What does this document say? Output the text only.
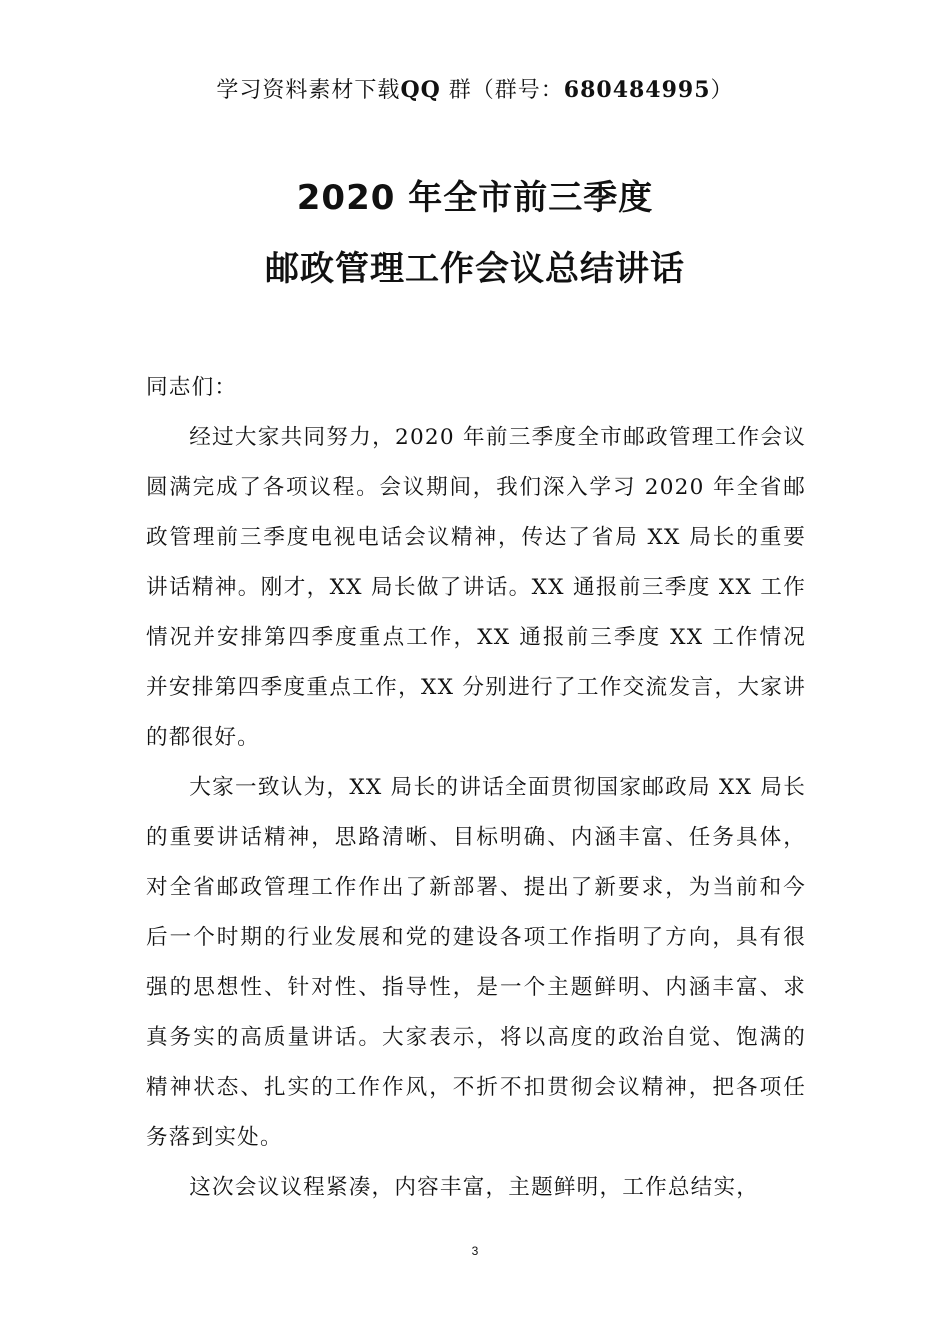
学习资料素材下载QQ 群（群号：680484995）
2020 年全市前三季度
邮政管理工作会议总结讲话

同志们：

经过大家共同努力，2020 年前三季度全市邮政管理工作会议圆满完成了各项议程。会议期间，我们深入学习 2020 年全省邮政管理前三季度电视电话会议精神，传达了省局 XX 局长的重要讲话精神。刚才，XX 局长做了讲话。XX 通报前三季度 XX 工作情况并安排第四季度重点工作，XX 通报前三季度 XX 工作情况并安排第四季度重点工作，XX 分别进行了工作交流发言，大家讲的都很好。

大家一致认为，XX 局长的讲话全面贯彻国家邮政局 XX 局长的重要讲话精神，思路清晰、目标明确、内涵丰富、任务具体，对全省邮政管理工作作出了新部署、提出了新要求，为当前和今后一个时期的行业发展和党的建设各项工作指明了方向，具有很强的思想性、针对性、指导性，是一个主题鲜明、内涵丰富、求真务实的高质量讲话。大家表示，将以高度的政治自觉、饱满的精神状态、扎实的工作作风，不折不扣贯彻会议精神，把各项任务落到实处。

这次会议议程紧凑，内容丰富，主题鲜明，工作总结实，

3
